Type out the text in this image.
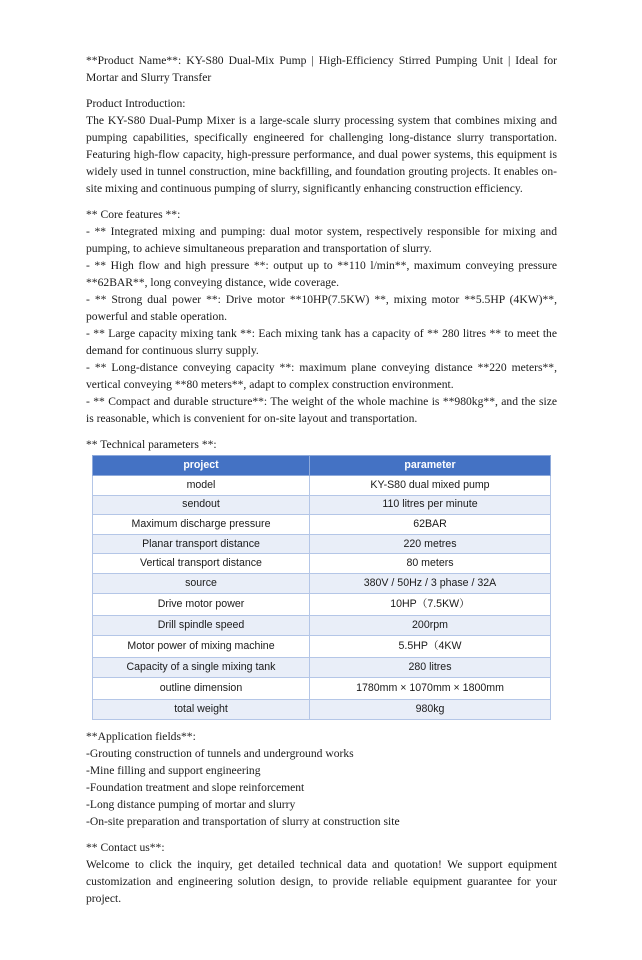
**Product Name**: KY-S80 Dual-Mix Pump | High-Efficiency Stirred Pumping Unit | Ideal for Mortar and Slurry Transfer

Product Introduction:

The KY-S80 Dual-Pump Mixer is a large-scale slurry processing system that combines mixing and pumping capabilities, specifically engineered for challenging long-distance slurry transportation. Featuring high-flow capacity, high-pressure performance, and dual power systems, this equipment is widely used in tunnel construction, mine backfilling, and foundation grouting projects. It enables on-site mixing and continuous pumping of slurry, significantly enhancing construction efficiency.

** Core features **:

- ** Integrated mixing and pumping: dual motor system, respectively responsible for mixing and pumping, to achieve simultaneous preparation and transportation of slurry.

- ** High flow and high pressure **: output up to **110 l/min**, maximum conveying pressure **62BAR**, long conveying distance, wide coverage.

- ** Strong dual power **: Drive motor **10HP(7.5KW) **, mixing motor **5.5HP (4KW)**, powerful and stable operation.

- ** Large capacity mixing tank **: Each mixing tank has a capacity of ** 280 litres ** to meet the demand for continuous slurry supply.

- ** Long-distance conveying capacity **: maximum plane conveying distance **220 meters**, vertical conveying **80 meters**, adapt to complex construction environment.

- ** Compact and durable structure**: The weight of the whole machine is **980kg**, and the size is reasonable, which is convenient for on-site layout and transportation.

** Technical parameters **:

project	parameter
model	KY-S80 dual mixed pump
sendout	110 litres per minute
Maximum discharge pressure	62BAR
Planar transport distance	220 metres
Vertical transport distance	80 meters
source	380V / 50Hz / 3 phase / 32A
Drive motor power	10HP（7.5KW）
Drill spindle speed	200rpm
Motor power of mixing machine	5.5HP（4KW
Capacity of a single mixing tank	280 litres
outline dimension	1780mm × 1070mm × 1800mm
total weight	980kg

**Application fields**:

-Grouting construction of tunnels and underground works

-Mine filling and support engineering

-Foundation treatment and slope reinforcement

-Long distance pumping of mortar and slurry

-On-site preparation and transportation of slurry at construction site

** Contact us**:

Welcome to click the inquiry, get detailed technical data and quotation! We support equipment customization and engineering solution design, to provide reliable equipment guarantee for your project.
